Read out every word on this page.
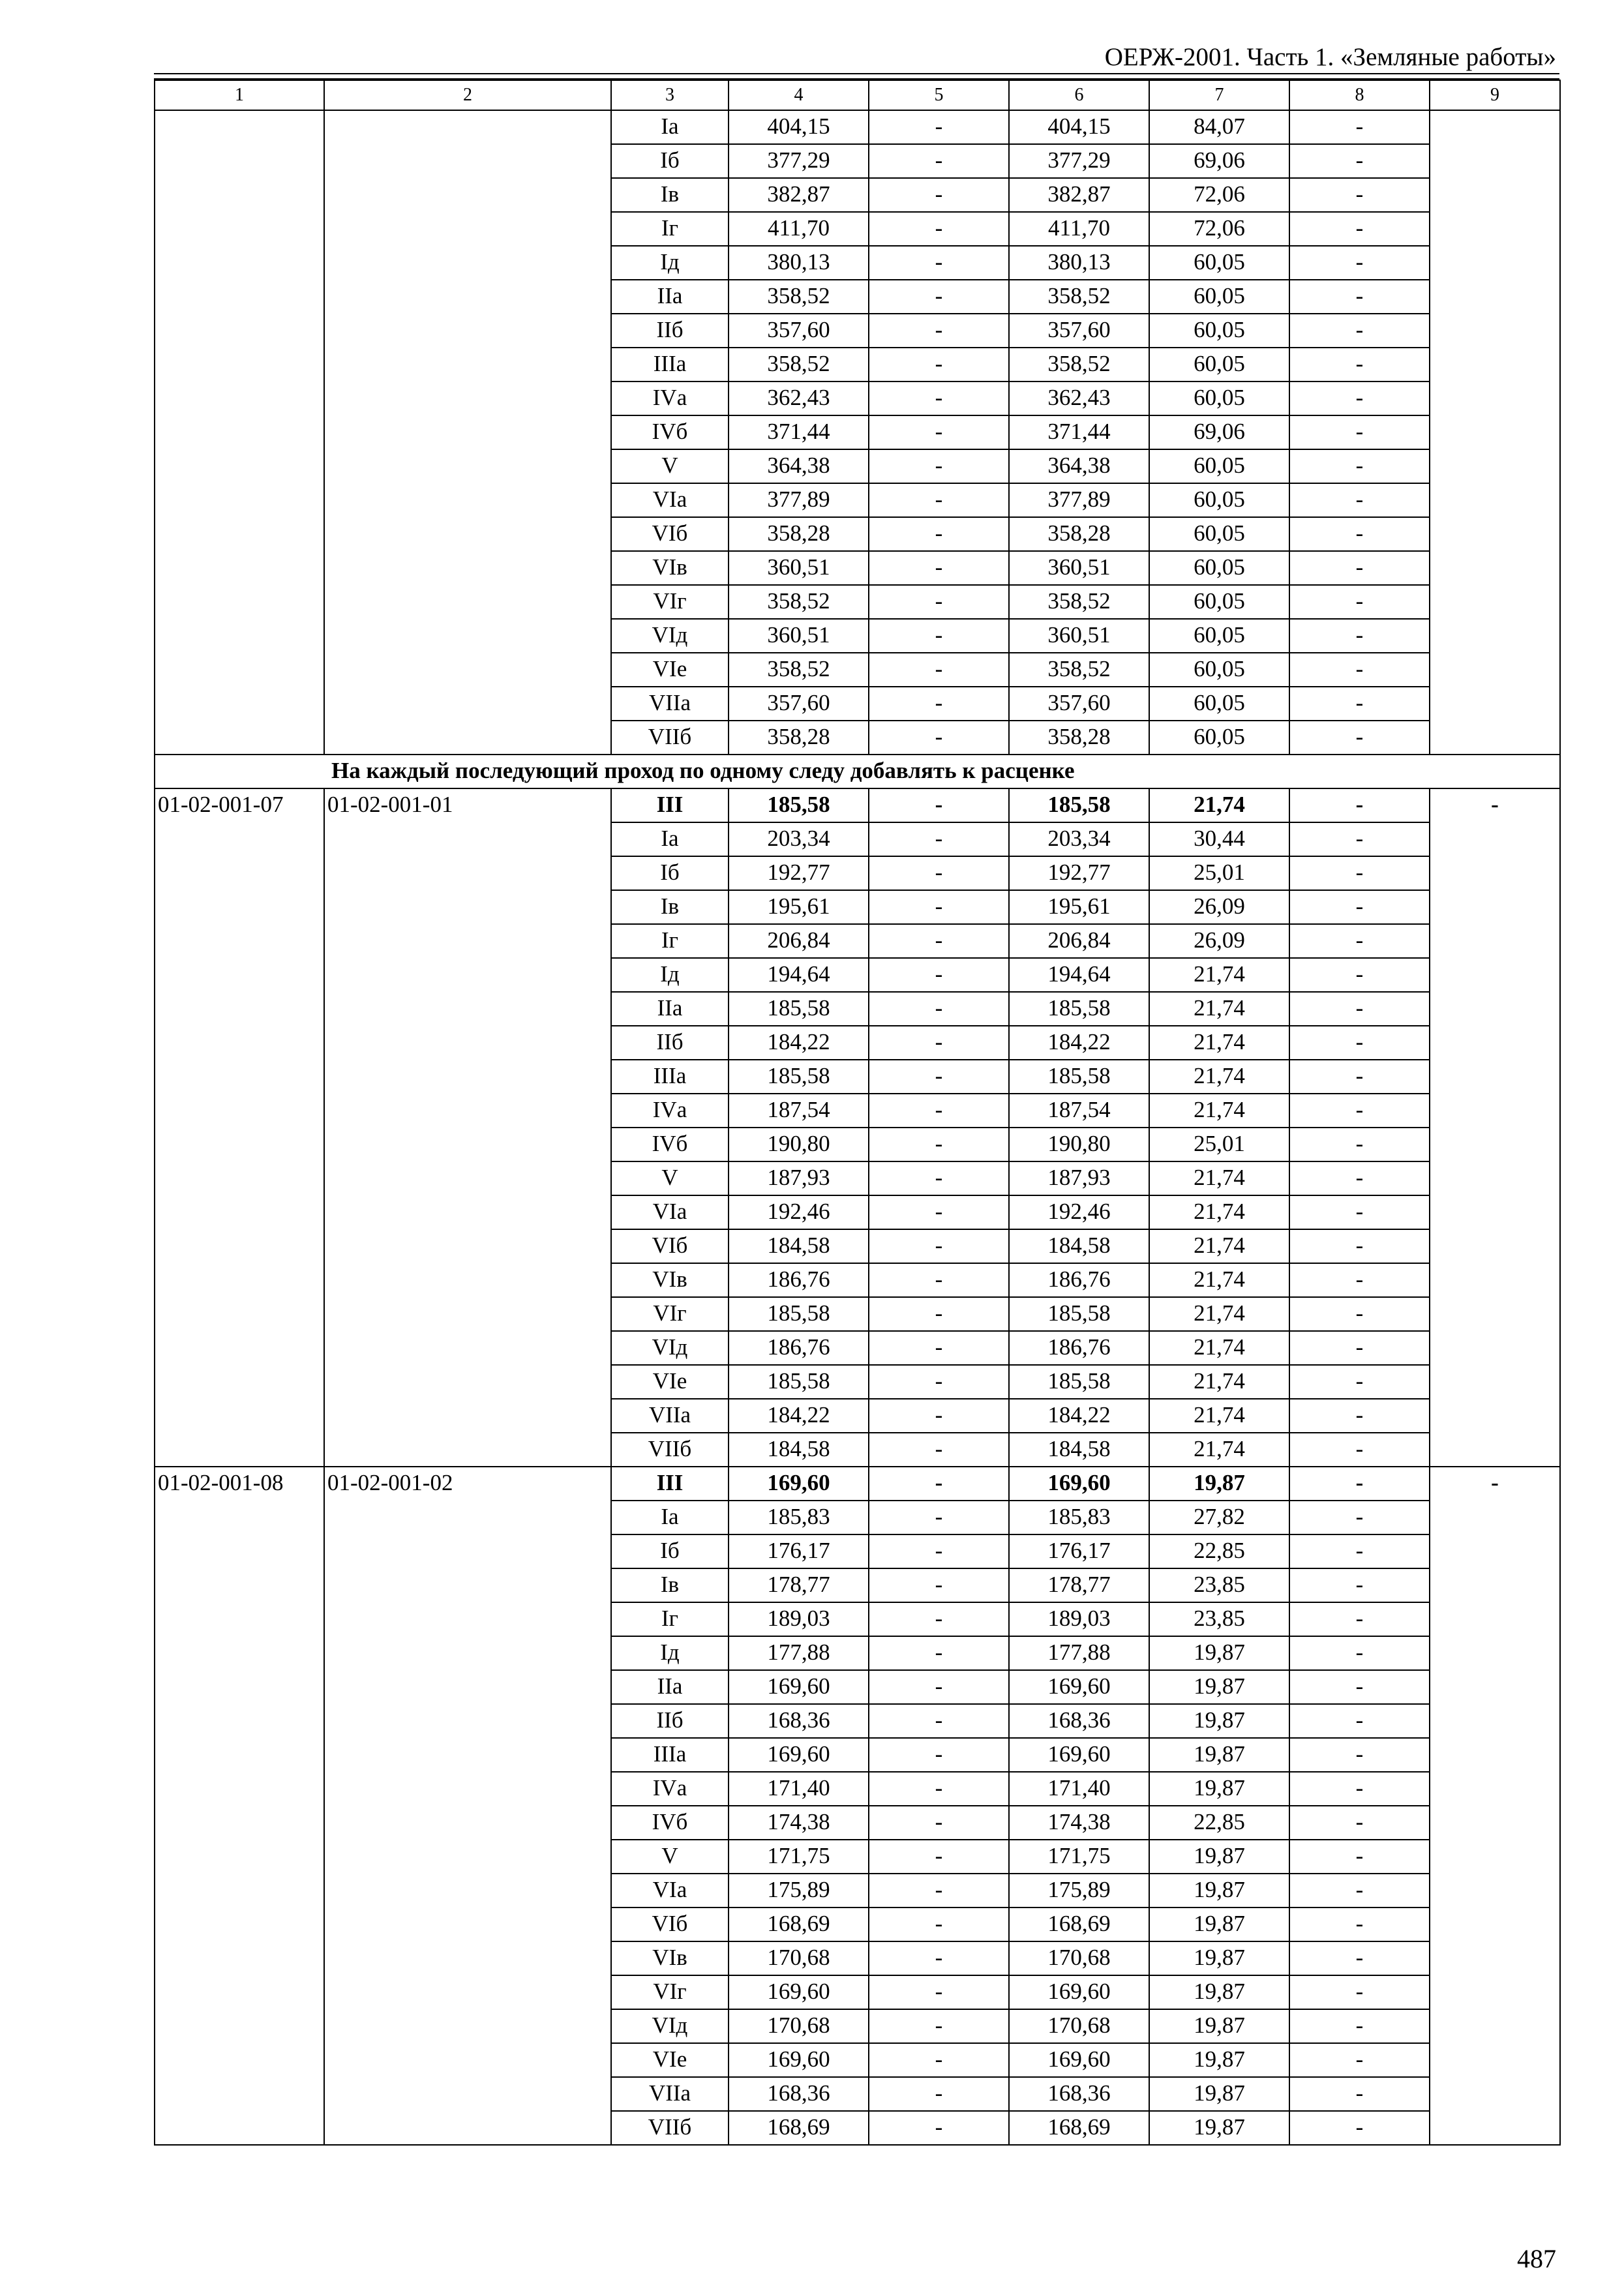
ОЕРЖ-2001. Часть 1. «Земляные работы»
1	2	3	4	5	6	7	8	9
		Iа	404,15	-	404,15	84,07	-	
		Iб	377,29	-	377,29	69,06	-	
		Iв	382,87	-	382,87	72,06	-	
		Iг	411,70	-	411,70	72,06	-	
		Iд	380,13	-	380,13	60,05	-	
		IIа	358,52	-	358,52	60,05	-	
		IIб	357,60	-	357,60	60,05	-	
		IIIа	358,52	-	358,52	60,05	-	
		IVа	362,43	-	362,43	60,05	-	
		IVб	371,44	-	371,44	69,06	-	
		V	364,38	-	364,38	60,05	-	
		VIа	377,89	-	377,89	60,05	-	
		VIб	358,28	-	358,28	60,05	-	
		VIв	360,51	-	360,51	60,05	-	
		VIг	358,52	-	358,52	60,05	-	
		VIд	360,51	-	360,51	60,05	-	
		VIе	358,52	-	358,52	60,05	-	
		VIIа	357,60	-	357,60	60,05	-	
		VIIб	358,28	-	358,28	60,05	-	
На каждый последующий проход по одному следу добавлять к расценке								
01-02-001-07	01-02-001-01	III	185,58	-	185,58	21,74	-	-
		Iа	203,34	-	203,34	30,44	-	
		Iб	192,77	-	192,77	25,01	-	
		Iв	195,61	-	195,61	26,09	-	
		Iг	206,84	-	206,84	26,09	-	
		Iд	194,64	-	194,64	21,74	-	
		IIа	185,58	-	185,58	21,74	-	
		IIб	184,22	-	184,22	21,74	-	
		IIIа	185,58	-	185,58	21,74	-	
		IVа	187,54	-	187,54	21,74	-	
		IVб	190,80	-	190,80	25,01	-	
		V	187,93	-	187,93	21,74	-	
		VIа	192,46	-	192,46	21,74	-	
		VIб	184,58	-	184,58	21,74	-	
		VIв	186,76	-	186,76	21,74	-	
		VIг	185,58	-	185,58	21,74	-	
		VIд	186,76	-	186,76	21,74	-	
		VIе	185,58	-	185,58	21,74	-	
		VIIа	184,22	-	184,22	21,74	-	
		VIIб	184,58	-	184,58	21,74	-	
01-02-001-08	01-02-001-02	III	169,60	-	169,60	19,87	-	-
		Iа	185,83	-	185,83	27,82	-	
		Iб	176,17	-	176,17	22,85	-	
		Iв	178,77	-	178,77	23,85	-	
		Iг	189,03	-	189,03	23,85	-	
		Iд	177,88	-	177,88	19,87	-	
		IIа	169,60	-	169,60	19,87	-	
		IIб	168,36	-	168,36	19,87	-	
		IIIа	169,60	-	169,60	19,87	-	
		IVа	171,40	-	171,40	19,87	-	
		IVб	174,38	-	174,38	22,85	-	
		V	171,75	-	171,75	19,87	-	
		VIа	175,89	-	175,89	19,87	-	
		VIб	168,69	-	168,69	19,87	-	
		VIв	170,68	-	170,68	19,87	-	
		VIг	169,60	-	169,60	19,87	-	
		VIд	170,68	-	170,68	19,87	-	
		VIе	169,60	-	169,60	19,87	-	
		VIIа	168,36	-	168,36	19,87	-	
		VIIб	168,69	-	168,69	19,87	-	
487
